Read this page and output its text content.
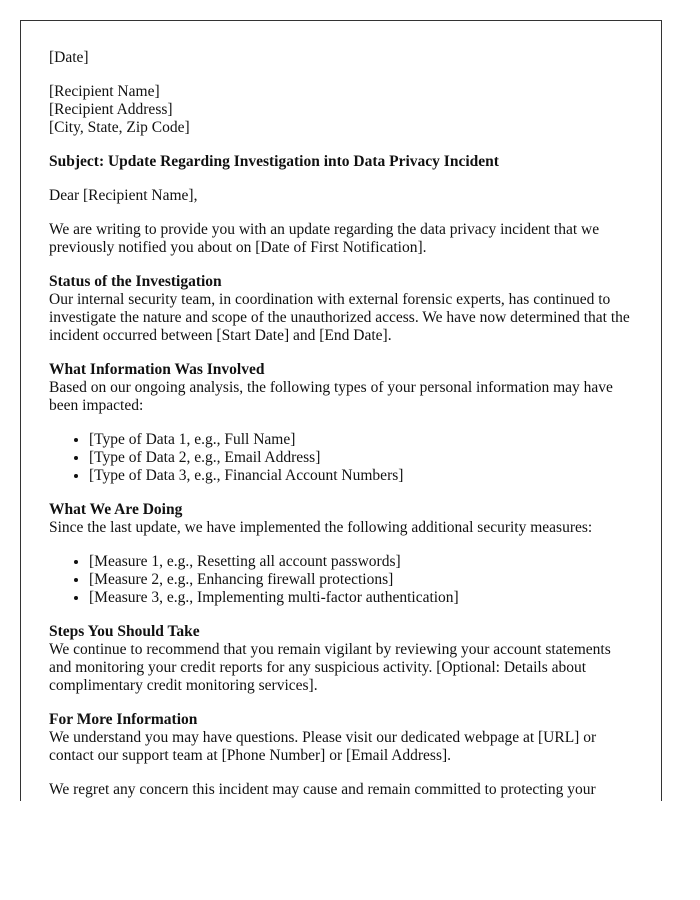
[Date]
[Recipient Name]
[Recipient Address]
[City, State, Zip Code]
Subject: Update Regarding Investigation into Data Privacy Incident

Dear [Recipient Name],

We are writing to provide you with an update regarding the data privacy incident that we previously notified you about on [Date of First Notification].

Status of the Investigation
Our internal security team, in coordination with external forensic experts, has continued to investigate the nature and scope of the unauthorized access. We have now determined that the incident occurred between [Start Date] and [End Date].
What Information Was Involved
Based on our ongoing analysis, the following types of your personal information may have been impacted:
• [Type of Data 1, e.g., Full Name]
• [Type of Data 2, e.g., Email Address]
• [Type of Data 3, e.g., Financial Account Numbers]
What We Are Doing
Since the last update, we have implemented the following additional security measures:
• [Measure 1, e.g., Resetting all account passwords]
• [Measure 2, e.g., Enhancing firewall protections]
• [Measure 3, e.g., Implementing multi-factor authentication]
Steps You Should Take
We continue to recommend that you remain vigilant by reviewing your account statements and monitoring your credit reports for any suspicious activity. [Optional: Details about complimentary credit monitoring services].
For More Information
We understand you may have questions. Please visit our dedicated webpage at [URL] or contact our support team at [Phone Number] or [Email Address].

We regret any concern this incident may cause and remain committed to protecting your
